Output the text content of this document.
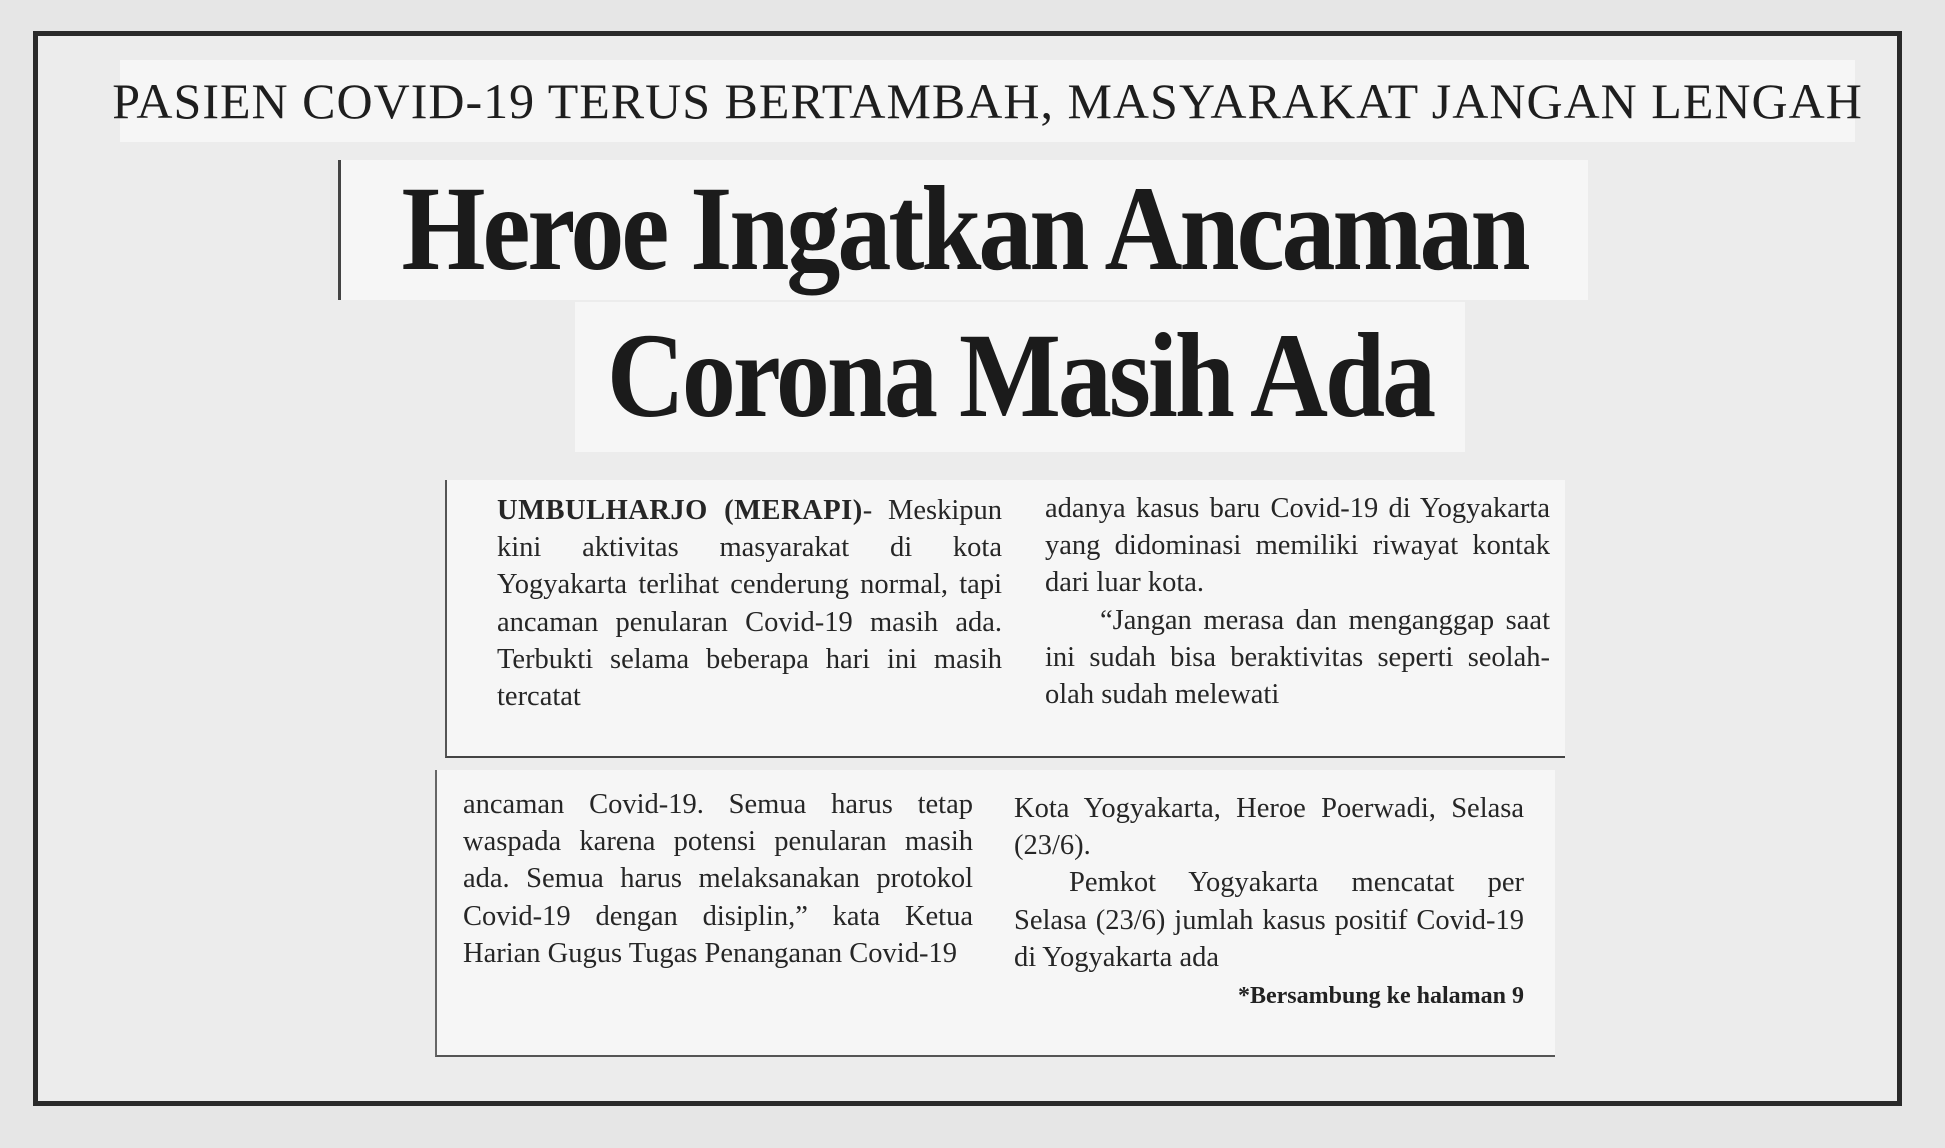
PASIEN COVID-19 TERUS BERTAMBAH, MASYARAKAT JANGAN LENGAH
Heroe Ingatkan Ancaman
Corona Masih Ada

UMBULHARJO (MERAPI)- Meskipun kini aktivitas masyarakat di kota Yogyakarta terlihat cenderung normal, tapi ancaman penularan Covid-19 masih ada. Terbukti selama beberapa hari ini masih tercatat

adanya kasus baru Covid-19 di Yogyakarta yang didominasi memiliki riwayat kontak dari luar kota.

“Jangan merasa dan menganggap saat ini sudah bisa beraktivitas seperti seolah-olah sudah melewati

ancaman Covid-19. Semua harus tetap waspada karena potensi penularan masih ada. Semua harus melaksanakan protokol Covid-19 dengan disiplin,” kata Ketua Harian Gugus Tugas Penanganan Covid-19

Kota Yogyakarta, Heroe Poerwadi, Selasa (23/6).

Pemkot Yogyakarta mencatat per Selasa (23/6) jumlah kasus positif Covid-19 di Yogyakarta ada

*Bersambung ke halaman 9
